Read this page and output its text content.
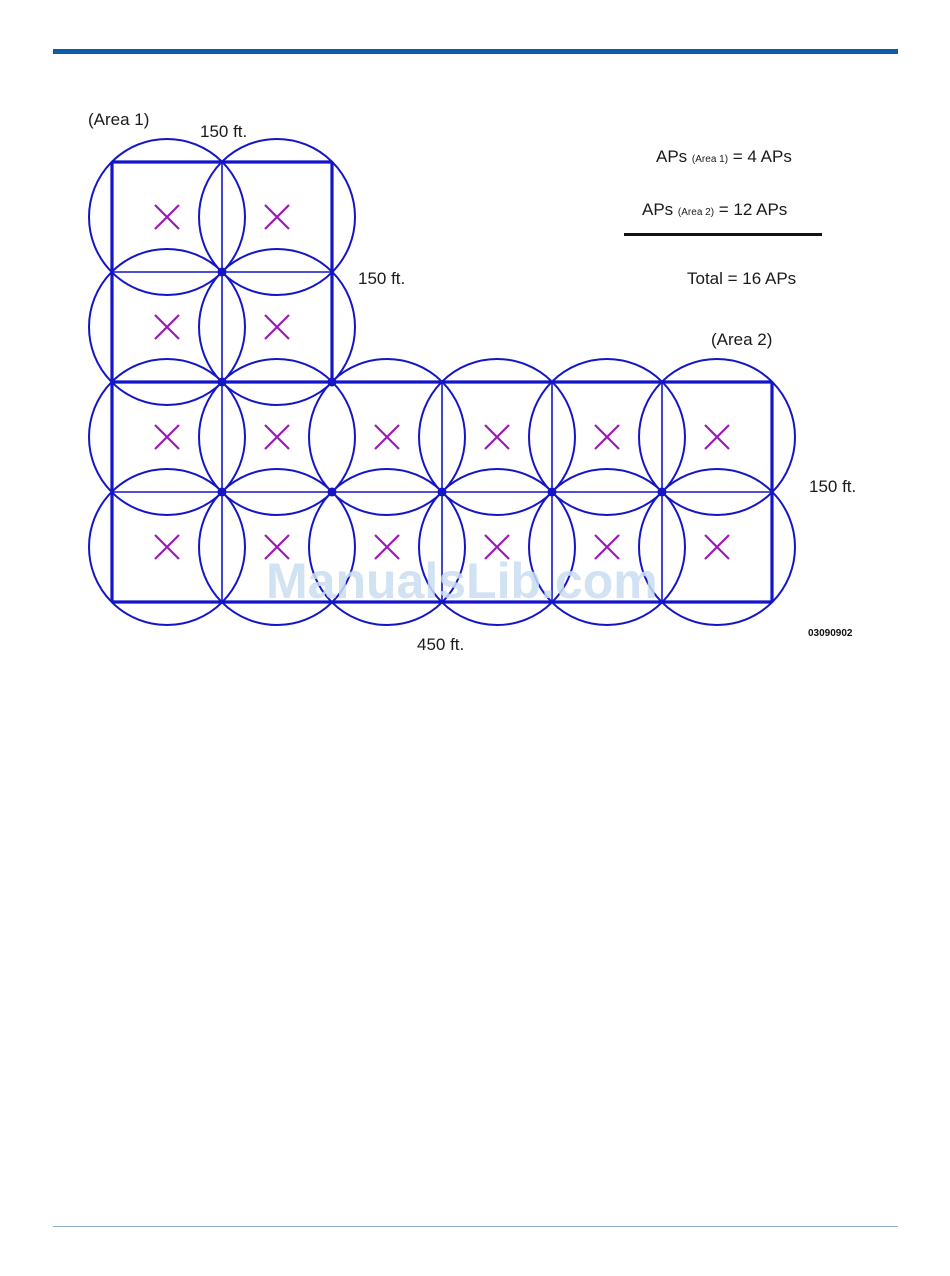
ManualsLib.com
(Area 1)
150 ft.
150 ft.
(Area 2)
150 ft.
450 ft.
APs (Area 1) = 4 APs
APs (Area 2) = 12 APs
Total = 16 APs
03090902
